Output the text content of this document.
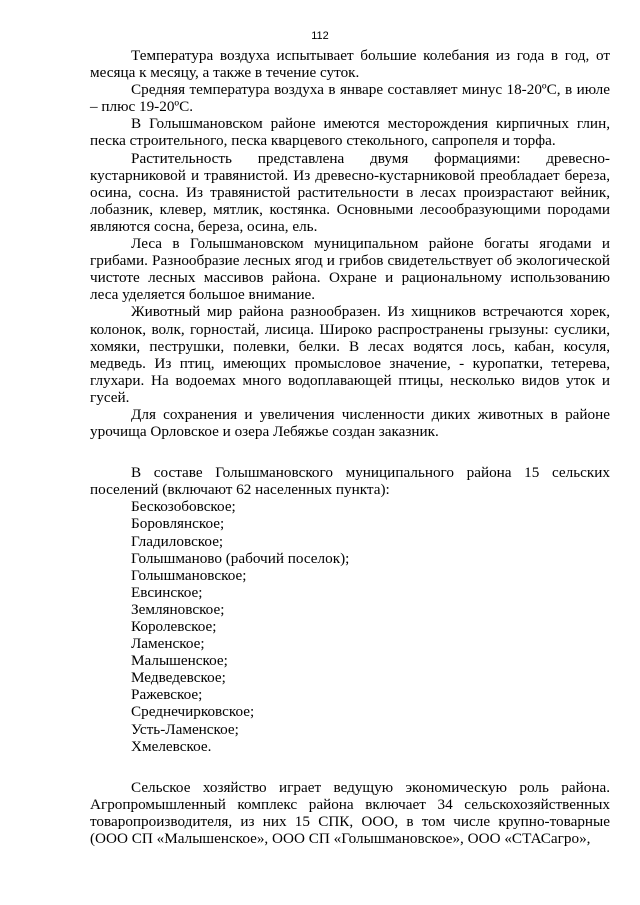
112

Температура воздуха испытывает большие колебания из года в год, от месяца к месяцу, а также в течение суток.

Средняя температура воздуха в январе составляет минус 18-20ºС, в июле – плюс 19-20ºС.

В Голышмановском районе имеются месторождения кирпичных глин, песка строительного, песка кварцевого стекольного, сапропеля и торфа.

Растительность представлена двумя формациями: древесно-кустарниковой и травянистой. Из древесно-кустарниковой преобладает береза, осина, сосна. Из травянистой растительности в лесах произрастают вейник, лобазник, клевер, мятлик, костянка. Основными лесообразующими породами являются сосна, береза, осина, ель.

Леса в Голышмановском муниципальном районе богаты ягодами и грибами. Разнообразие лесных ягод и грибов свидетельствует об экологической чистоте лесных массивов района. Охране и рациональному использованию леса уделяется большое внимание.

Животный мир района разнообразен. Из хищников встречаются хорек, колонок, волк, горностай, лисица. Широко распространены грызуны: суслики, хомяки, пеструшки, полевки, белки. В лесах водятся лось, кабан, косуля, медведь. Из птиц, имеющих промысловое значение, - куропатки, тетерева, глухари. На водоемах много водоплавающей птицы, несколько видов уток и гусей.

Для сохранения и увеличения численности диких животных в районе урочища Орловское и озера Лебяжье создан заказник.

В составе Голышмановского муниципального района 15 сельских поселений (включают 62 населенных пункта):

Бескозобовское;
Боровлянское;
Гладиловское;
Голышманово (рабочий поселок);
Голышмановское;
Евсинское;
Земляновское;
Королевское;
Ламенское;
Малышенское;
Медведевское;
Ражевское;
Среднечирковское;
Усть-Ламенское;
Хмелевское.

Сельское хозяйство играет ведущую экономическую роль района. Агропромышленный комплекс района включает 34 сельскохозяйственных товаропроизводителя, из них 15 СПК, ООО, в том числе крупно-товарные (ООО СП «Малышенское», ООО СП «Голышмановское», ООО «СТАСагро»,
